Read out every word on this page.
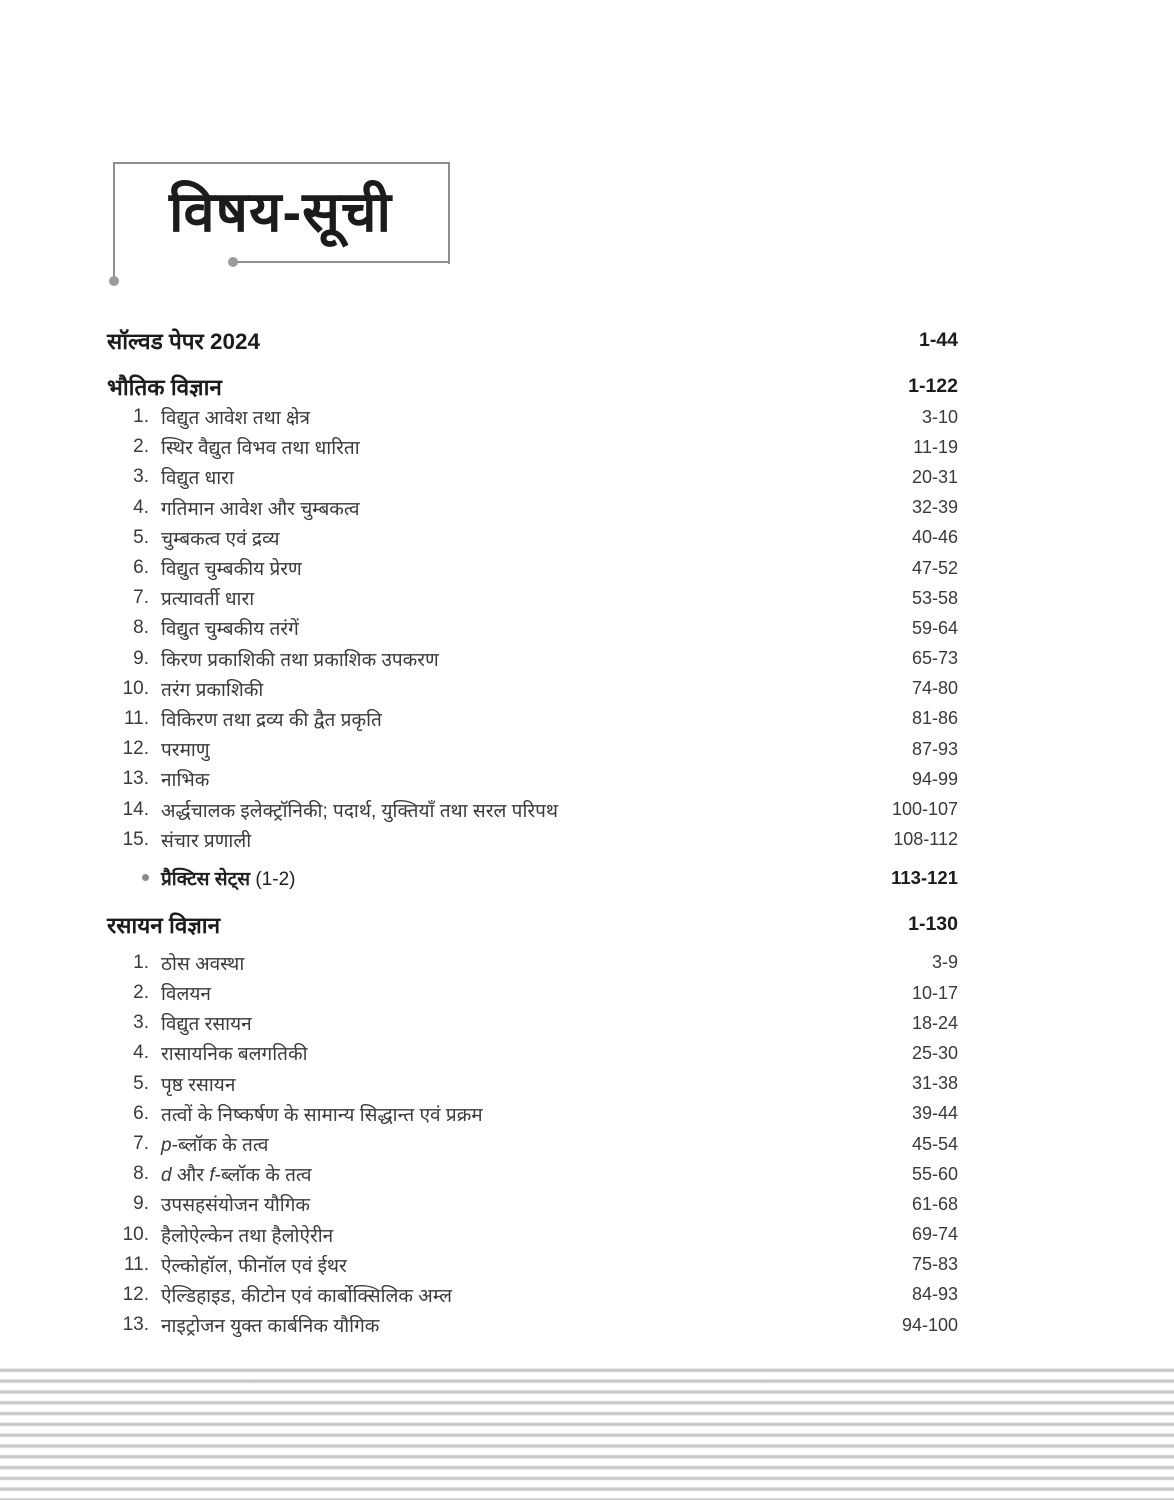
विषय-सूची
सॉल्वड पेपर 2024	1-44
भौतिक विज्ञान	1-122
1. विद्युत आवेश तथा क्षेत्र	3-10
2. स्थिर वैद्युत विभव तथा धारिता	11-19
3. विद्युत धारा	20-31
4. गतिमान आवेश और चुम्बकत्व	32-39
5. चुम्बकत्व एवं द्रव्य	40-46
6. विद्युत चुम्बकीय प्रेरण	47-52
7. प्रत्यावर्ती धारा	53-58
8. विद्युत चुम्बकीय तरंगें	59-64
9. किरण प्रकाशिकी तथा प्रकाशिक उपकरण	65-73
10. तरंग प्रकाशिकी	74-80
11. विकिरण तथा द्रव्य की द्वैत प्रकृति	81-86
12. परमाणु	87-93
13. नाभिक	94-99
14. अर्द्धचालक इलेक्ट्रॉनिकी; पदार्थ, युक्तियाँ तथा सरल परिपथ	100-107
15. संचार प्रणाली	108-112
प्रैक्टिस सेट्स (1-2)	113-121
रसायन विज्ञान	1-130
1. ठोस अवस्था	3-9
2. विलयन	10-17
3. विद्युत रसायन	18-24
4. रासायनिक बलगतिकी	25-30
5. पृष्ठ रसायन	31-38
6. तत्वों के निष्कर्षण के सामान्य सिद्धान्त एवं प्रक्रम	39-44
7. p-ब्लॉक के तत्व	45-54
8. d और f-ब्लॉक के तत्व	55-60
9. उपसहसंयोजन यौगिक	61-68
10. हैलोऐल्केन तथा हैलोऐरीन	69-74
11. ऐल्कोहॉल, फीनॉल एवं ईथर	75-83
12. ऐल्डिहाइड, कीटोन एवं कार्बोक्सिलिक अम्ल	84-93
13. नाइट्रोजन युक्त कार्बनिक यौगिक	94-100
